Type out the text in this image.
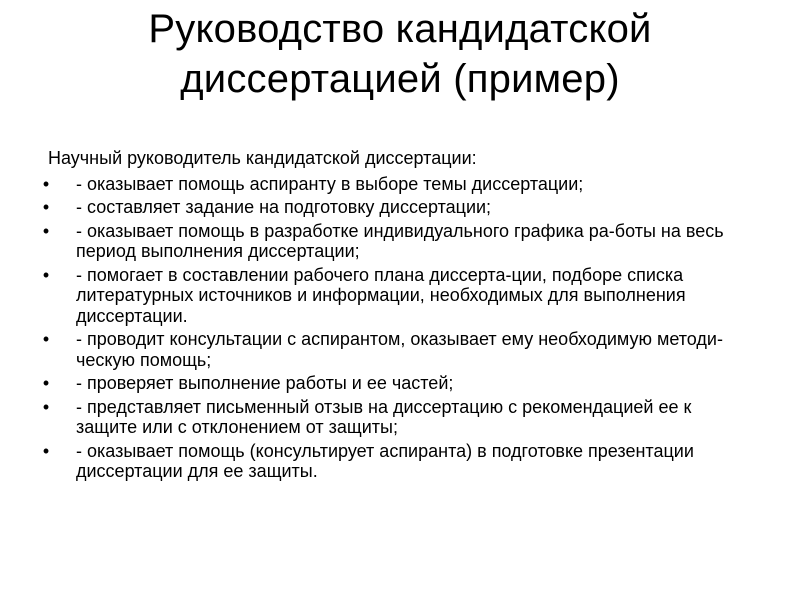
Руководство кандидатской
диссертацией (пример)

Научный руководитель кандидатской диссертации:

• - оказывает помощь аспиранту в выборе темы диссертации;
• - составляет задание на подготовку диссертации;
• - оказывает помощь в разработке индивидуального графика ра-боты на весь период выполнения диссертации;
• - помогает в составлении рабочего плана диссерта-ции, подборе списка литературных источников и информации, необходимых для выполнения диссертации.
• - проводит консультации с аспирантом, оказывает ему необходимую методи-ческую помощь;
• - проверяет выполнение работы и ее частей;
• - представляет письменный отзыв на диссертацию с рекомендацией ее к защите или с отклонением от защиты;
• - оказывает помощь (консультирует аспиранта) в подготовке презентации диссертации для ее защиты.
